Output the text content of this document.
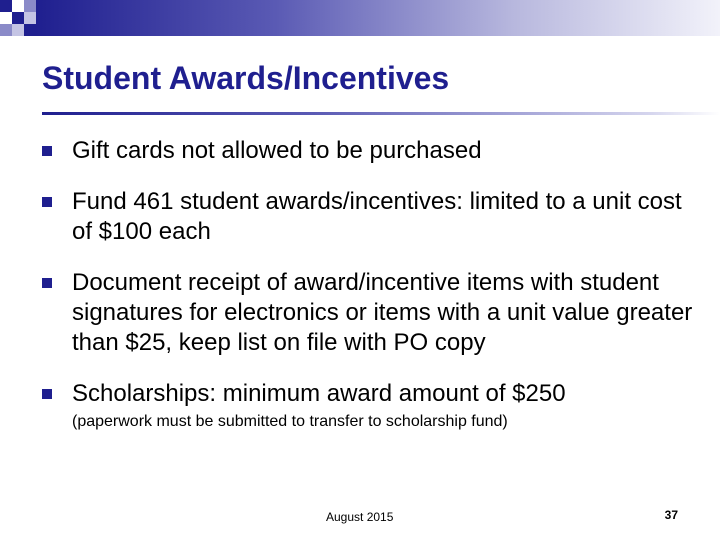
Student Awards/Incentives
Gift cards not allowed to be purchased
Fund 461 student awards/incentives: limited to a unit cost of $100 each
Document receipt of award/incentive items with student signatures for electronics or items with a unit value greater than $25, keep list on file with PO copy
Scholarships: minimum award amount of $250
(paperwork must be submitted to transfer to scholarship fund)
August 2015	37
